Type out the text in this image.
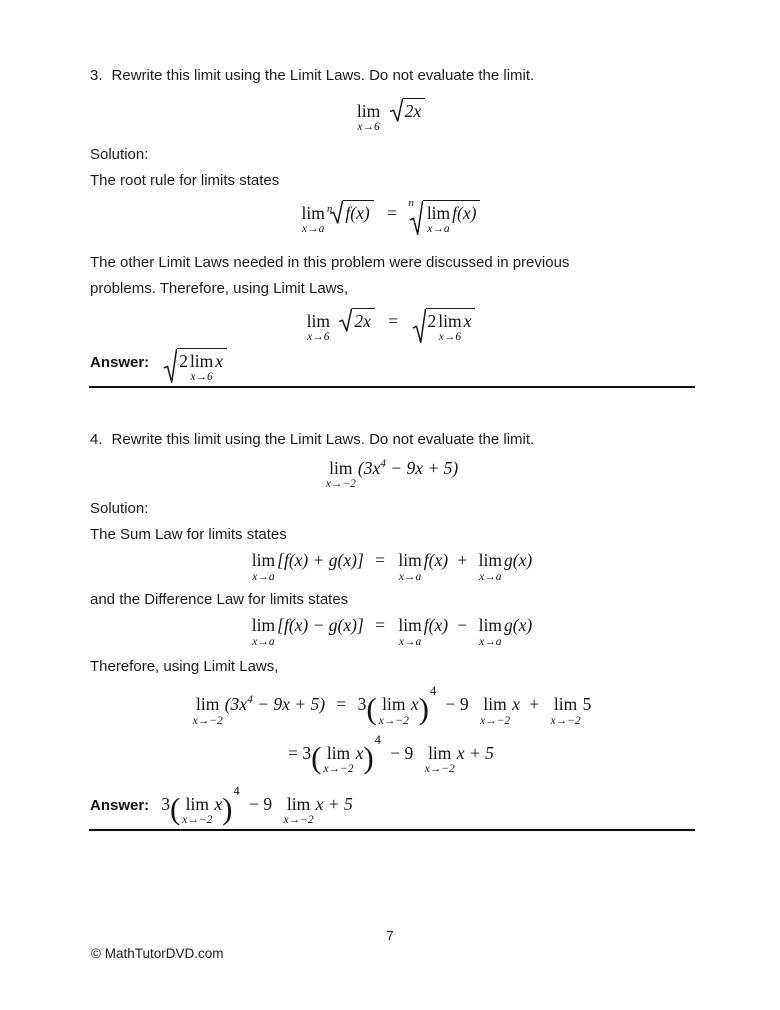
3. Rewrite this limit using the Limit Laws. Do not evaluate the limit.
lim
x→6

2x
Solution:
The root rule for limits states
lim
x→a
$^n$ f(x) = $^n$ lim
x→a
f(x)
The other Limit Laws needed in this problem were discussed in previous
problems. Therefore, using Limit Laws,
lim
x→6

2x = 2 lim
x→6
x
Answer: 2 lim
x→6
x
4. Rewrite this limit using the Limit Laws. Do not evaluate the limit.
lim
x→−2
$(3x^4 - 9x + 5)$
Solution:
The Sum Law for limits states
lim
x→a
[f(x) + g(x)] = lim
x→a
f(x) + lim
x→a
g(x)
and the Difference Law for limits states
lim
x→a
[f(x) − g(x)] = lim
x→a
f(x) − lim
x→a
g(x)
Therefore, using Limit Laws,
lim
x→−2
$(3x^4 - 9x + 5) = 3$( lim
x→−2
x)$^4$ − 9 lim
x→−2
x + lim
x→−2
5
= 3( lim
x→−2
x)$^4$ − 9 lim
x→−2
x + 5
Answer: 3( lim
x→−2
x)$^4$ − 9 lim
x→−2
x + 5
7
© MathTutorDVD.com
